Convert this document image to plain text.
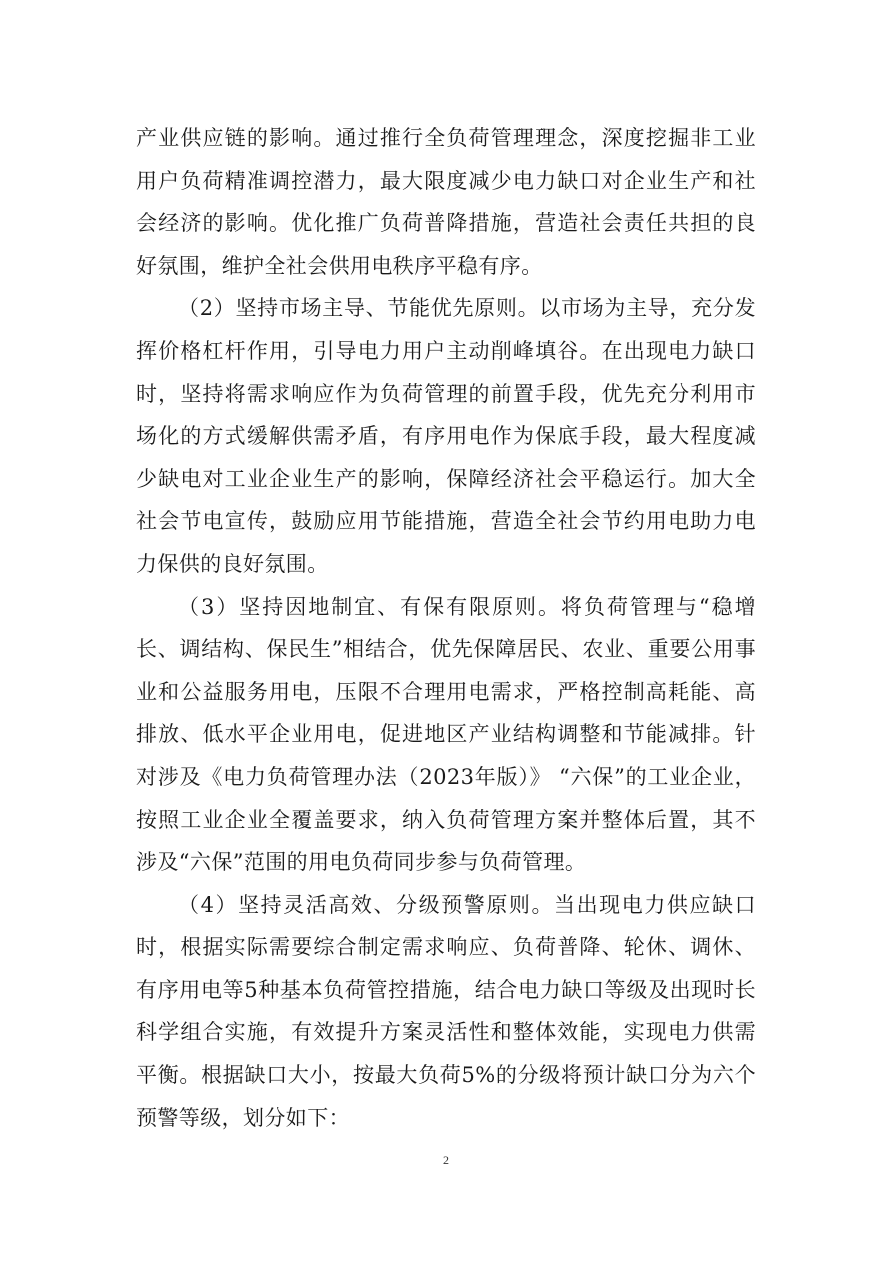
产业供应链的影响。通过推行全负荷管理理念，深度挖掘非工业用户负荷精准调控潜力，最大限度减少电力缺口对企业生产和社会经济的影响。优化推广负荷普降措施，营造社会责任共担的良好氛围，维护全社会供用电秩序平稳有序。

（2）坚持市场主导、节能优先原则。以市场为主导，充分发挥价格杠杆作用，引导电力用户主动削峰填谷。在出现电力缺口时，坚持将需求响应作为负荷管理的前置手段，优先充分利用市场化的方式缓解供需矛盾，有序用电作为保底手段，最大程度减少缺电对工业企业生产的影响，保障经济社会平稳运行。加大全社会节电宣传，鼓励应用节能措施，营造全社会节约用电助力电力保供的良好氛围。

（3）坚持因地制宜、有保有限原则。将负荷管理与“稳增长、调结构、保民生”相结合，优先保障居民、农业、重要公用事业和公益服务用电，压限不合理用电需求，严格控制高耗能、高排放、低水平企业用电，促进地区产业结构调整和节能减排。针对涉及《电力负荷管理办法（2023年版）》 “六保”的工业企业，按照工业企业全覆盖要求，纳入负荷管理方案并整体后置，其不涉及“六保”范围的用电负荷同步参与负荷管理。

（4）坚持灵活高效、分级预警原则。当出现电力供应缺口时，根据实际需要综合制定需求响应、负荷普降、轮休、调休、有序用电等5种基本负荷管控措施，结合电力缺口等级及出现时长科学组合实施，有效提升方案灵活性和整体效能，实现电力供需平衡。根据缺口大小，按最大负荷5%的分级将预计缺口分为六个预警等级，划分如下：

2
